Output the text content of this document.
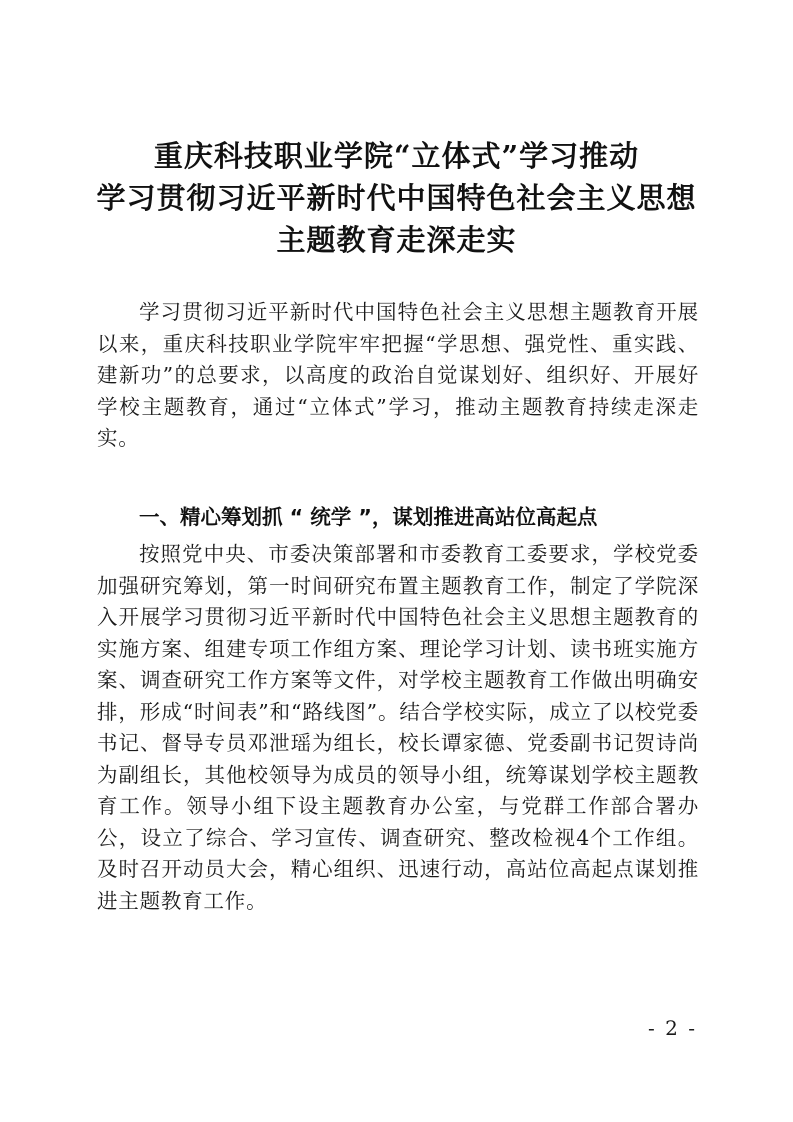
重庆科技职业学院“立体式”学习推动
学习贯彻习近平新时代中国特色社会主义思想
主题教育走深走实

学习贯彻习近平新时代中国特色社会主义思想主题教育开展以来，重庆科技职业学院牢牢把握“学思想、强党性、重实践、建新功”的总要求，以高度的政治自觉谋划好、组织好、开展好学校主题教育，通过“立体式”学习，推动主题教育持续走深走实。

一、精心筹划抓 “ 统学 ”，谋划推进高站位高起点

按照党中央、市委决策部署和市委教育工委要求，学校党委加强研究筹划，第一时间研究布置主题教育工作，制定了学院深入开展学习贯彻习近平新时代中国特色社会主义思想主题教育的实施方案、组建专项工作组方案、理论学习计划、读书班实施方案、调查研究工作方案等文件，对学校主题教育工作做出明确安排，形成“时间表”和“路线图”。结合学校实际，成立了以校党委书记、督导专员邓泄瑶为组长，校长谭家德、党委副书记贺诗尚为副组长，其他校领导为成员的领导小组，统筹谋划学校主题教育工作。领导小组下设主题教育办公室，与党群工作部合署办公，设立了综合、学习宣传、调查研究、整改检视4个工作组。及时召开动员大会，精心组织、迅速行动，高站位高起点谋划推进主题教育工作。

- 2 -
